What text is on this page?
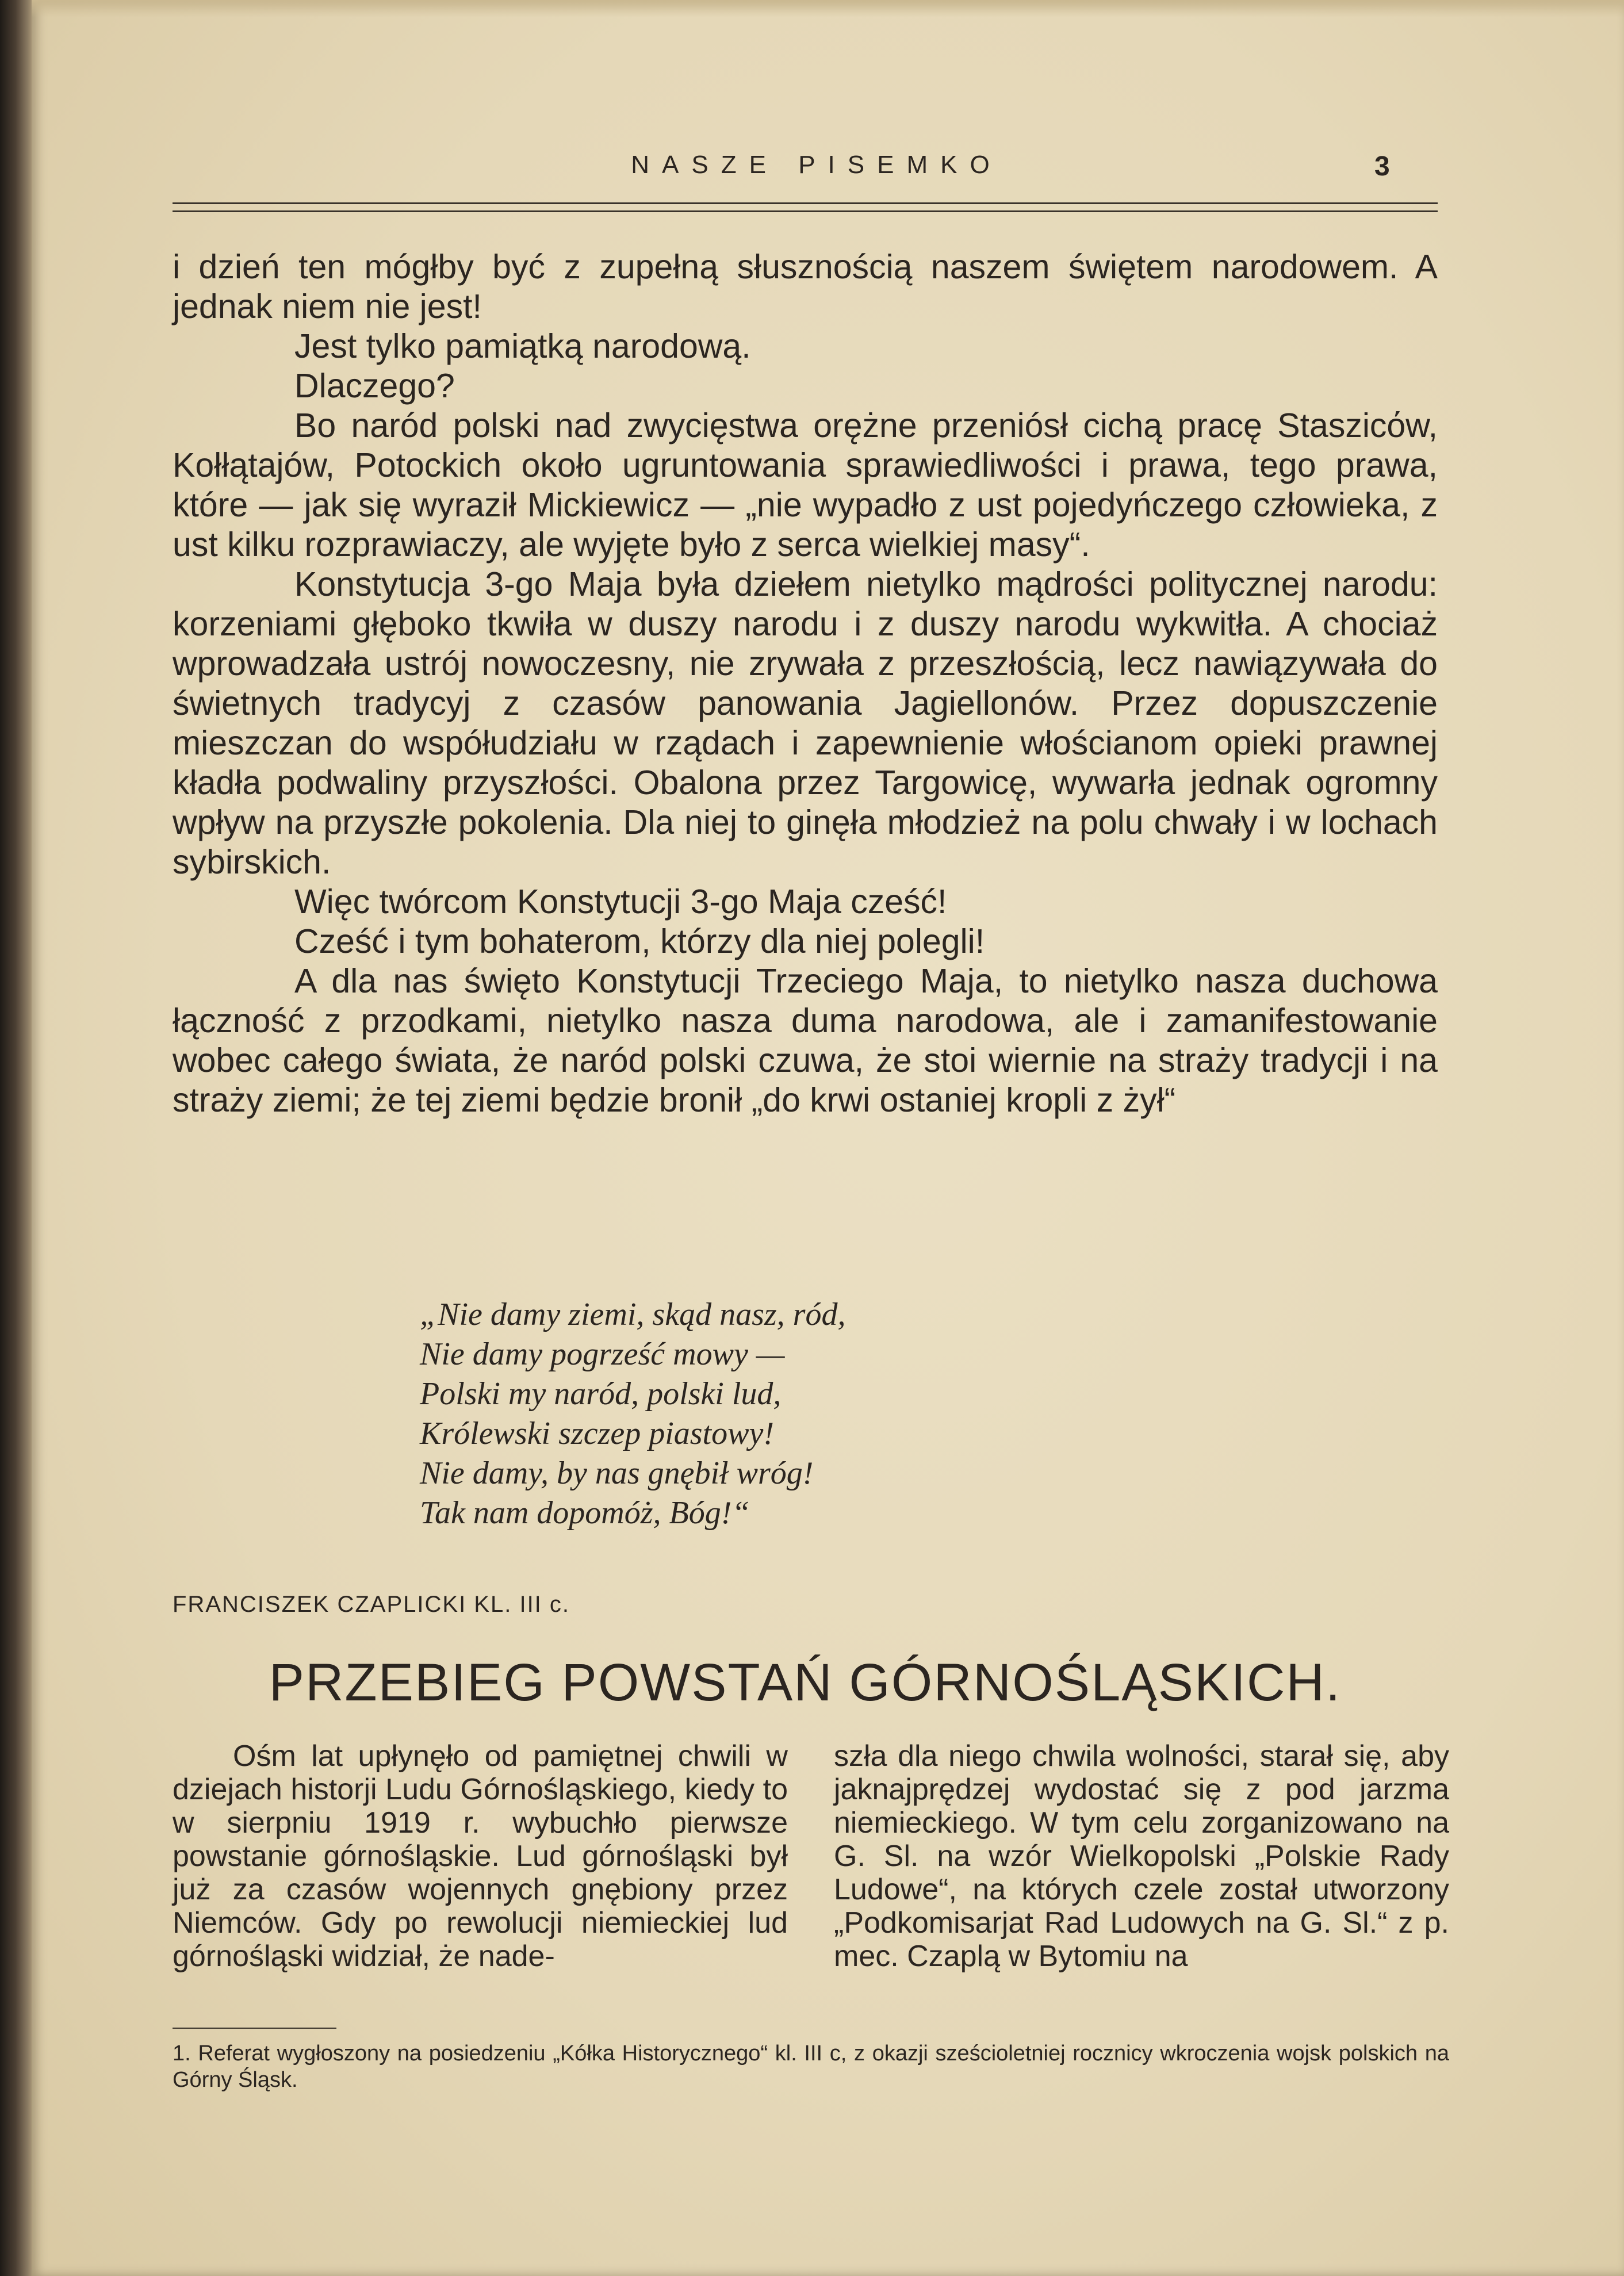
NASZE PISEMKO	3

i dzień ten mógłby być z zupełną słusznością naszem świętem narodowem. A jednak niem nie jest!

Jest tylko pamiątką narodową.

Dlaczego?

Bo naród polski nad zwycięstwa orężne przeniósł cichą pracę Staszicόw, Kołłątajów, Potockich około ugruntowania sprawiedliwości i prawa, tego prawa, które — jak się wyraził Mickiewicz — „nie wypadło z ust pojedyńczego człowieka, z ust kilku rozprawiaczy, ale wyjęte było z serca wielkiej masy“.

Konstytucja 3-go Maja była dziełem nietylko mądrości politycznej narodu: korzeniami głęboko tkwiła w duszy narodu i z duszy narodu wykwitła. A chociaż wprowadzała ustrój nowoczesny, nie zrywała z przeszłością, lecz nawiązywała do świetnych tradycyj z czasów panowania Jagiellonów. Przez dopuszczenie mieszczan do współudziału w rządach i zapewnienie włościanom opieki prawnej kładła podwaliny przyszłości. Obalona przez Targowicę, wywarła jednak ogromny wpływ na przyszłe pokolenia. Dla niej to ginęła młodzież na polu chwały i w lochach sybirskich.

Więc twórcom Konstytucji 3-go Maja cześć!

Cześć i tym bohaterom, którzy dla niej polegli!

A dla nas święto Konstytucji Trzeciego Maja, to nietylko nasza duchowa łączność z przodkami, nietylko nasza duma narodowa, ale i zamanifestowanie wobec całego świata, że naród polski czuwa, że stoi wiernie na straży tradycji i na straży ziemi; że tej ziemi będzie bronił „do krwi ostaniej kropli z żył“

„Nie damy ziemi, skąd nasz, ród,
Nie damy pogrześć mowy —
Polski my naród, polski lud,
Królewski szczep piastowy!
Nie damy, by nas gnębił wróg!
Tak nam dopomóż, Bóg!“
FRANCISZEK CZAPLICKI KL. III c.
PRZEBIEG POWSTAŃ GÓRNOŚLĄSKICH.

Ośm lat upłynęło od pamiętnej chwili w dziejach historji Ludu Górnośląskiego, kiedy to w sierpniu 1919 r. wybuchło pierwsze powstanie górnośląskie. Lud górnośląski był już za czasów wojennych gnębiony przez Niemców. Gdy po rewolucji niemieckiej lud górnośląski widział, że nade-

szła dla niego chwila wolności, starał się, aby jaknajprędzej wydostać się z pod jarzma niemieckiego. W tym celu zorganizowano na G. Sl. na wzór Wielkopolski „Polskie Rady Ludowe“, na których czele został utworzony „Podkomisarjat Rad Ludowych na G. Sl.“ z p. mec. Czaplą w Bytomiu na

1. Referat wygłoszony na posiedzeniu „Kółka Historycznego“ kl. III c, z okazji sześcioletniej rocznicy wkroczenia wojsk polskich na Górny Śląsk.
